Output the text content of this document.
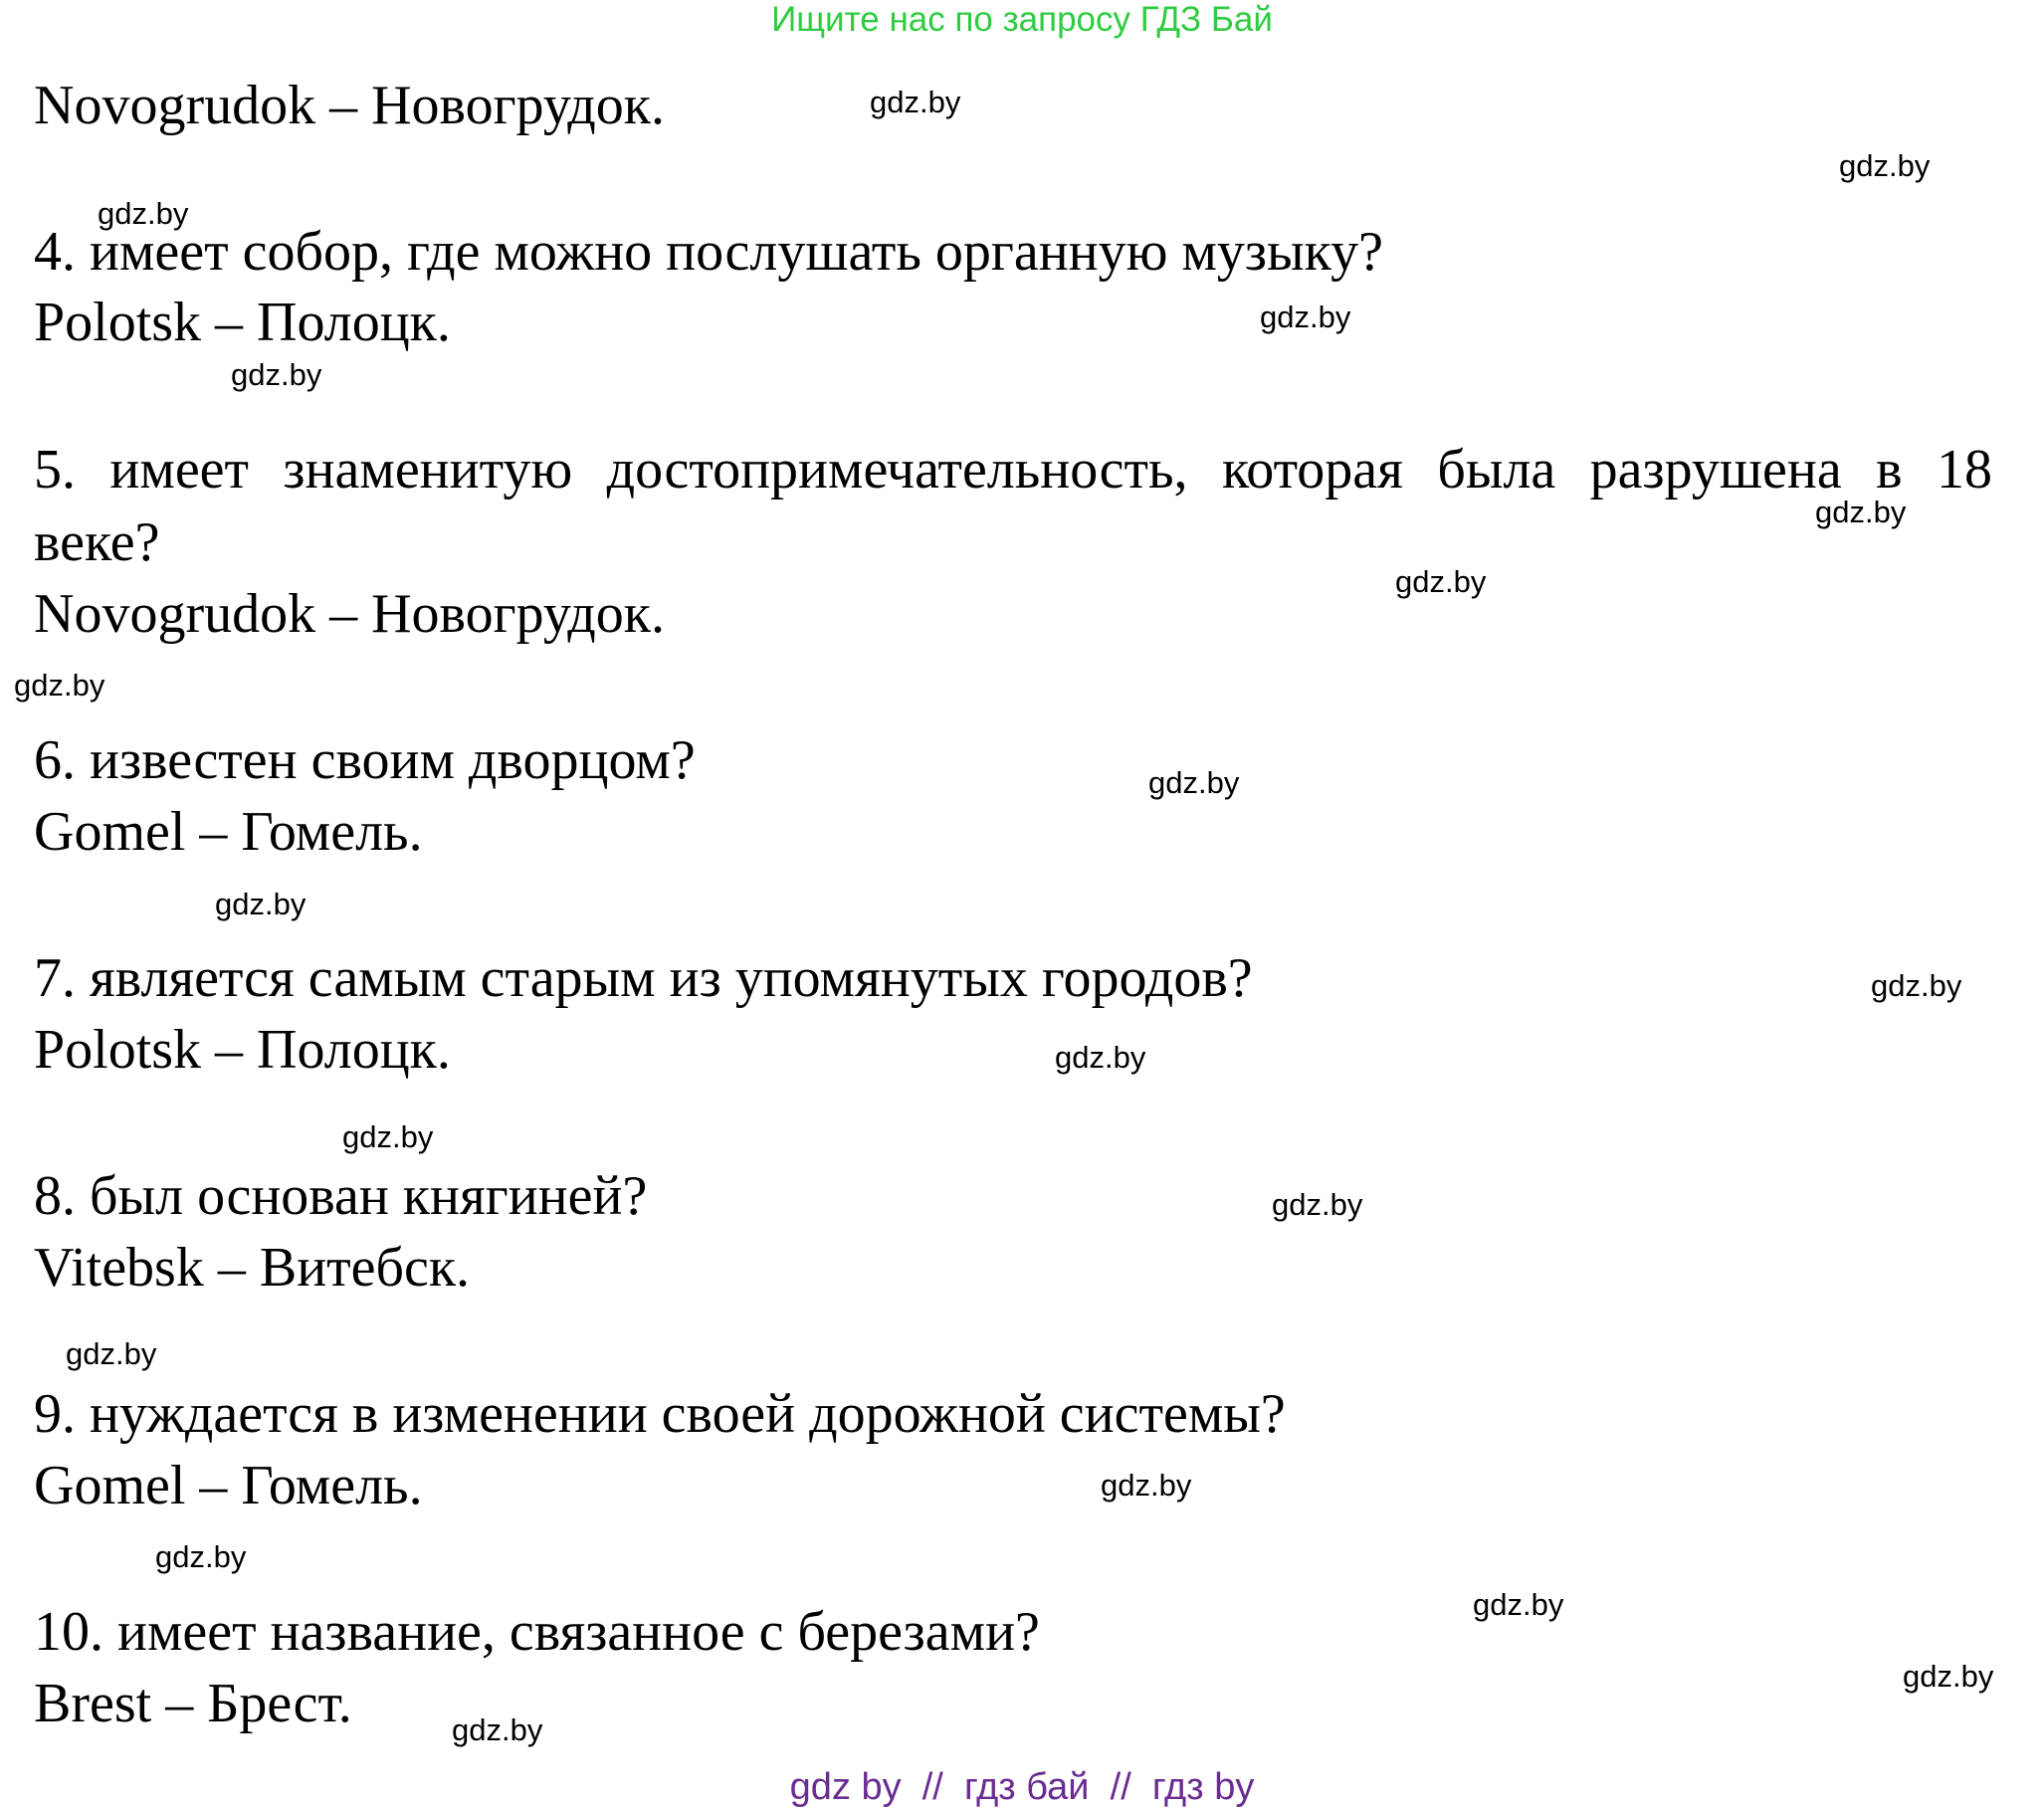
Ищите нас по запросу ГДЗ Бай
Novogrudok – Новогрудок.
4. имеет собор, где можно послушать органную музыку?
Polotsk – Полоцк.
5. имеет знаменитую достопримечательность, которая была разрушена в 18
веке?
Novogrudok – Новогрудок.
6. известен своим дворцом?
Gomel – Гомель.
7. является самым старым из упомянутых городов?
Polotsk – Полоцк.
8. был основан княгиней?
Vitebsk – Витебск.
9. нуждается в изменении своей дорожной системы?
Gomel – Гомель.
10. имеет название, связанное с березами?
Brest – Брест.
gdz.by
gdz.by
gdz.by
gdz.by
gdz.by
gdz.by
gdz.by
gdz.by
gdz.by
gdz.by
gdz.by
gdz.by
gdz.by
gdz.by
gdz.by
gdz.by
gdz.by
gdz.by
gdz.by
gdz.by
gdz by  //  гдз бай  //  гдз by
